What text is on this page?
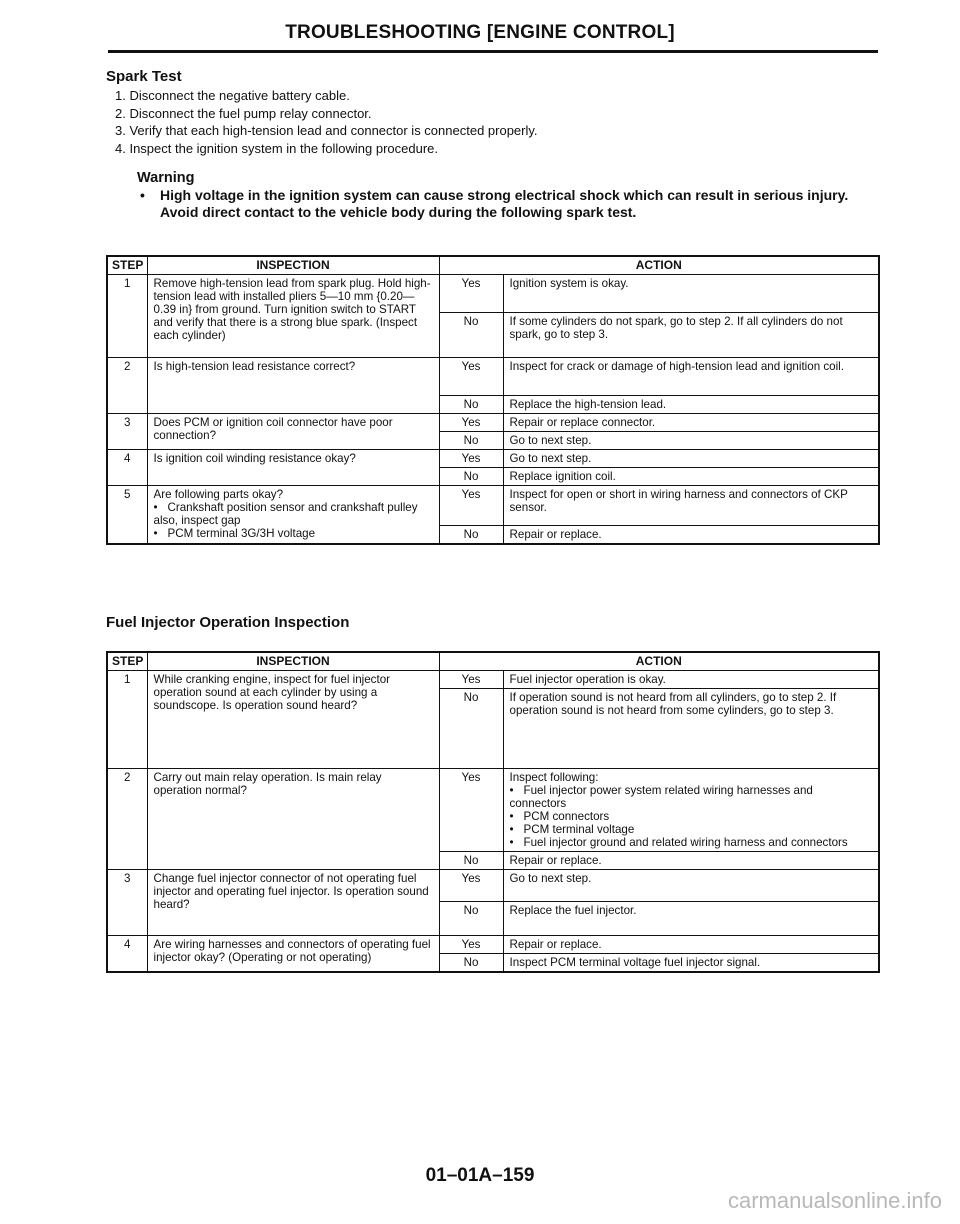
TROUBLESHOOTING [ENGINE CONTROL]
Spark Test
1. Disconnect the negative battery cable.
2. Disconnect the fuel pump relay connector.
3. Verify that each high-tension lead and connector is connected properly.
4. Inspect the ignition system in the following procedure.
Warning
• High voltage in the ignition system can cause strong electrical shock which can result in serious injury. Avoid direct contact to the vehicle body during the following spark test.
STEP	INSPECTION	ACTION	
1	Remove high-tension lead from spark plug. Hold high-tension lead with installed pliers 5—10 mm {0.20—0.39 in} from ground. Turn ignition switch to START and verify that there is a strong blue spark. (Inspect each cylinder)	Yes	Ignition system is okay.
		No	If some cylinders do not spark, go to step 2. If all cylinders do not spark, go to step 3.
2	Is high-tension lead resistance correct?	Yes	Inspect for crack or damage of high-tension lead and ignition coil.
		No	Replace the high-tension lead.
3	Does PCM or ignition coil connector have poor connection?	Yes	Repair or replace connector.
		No	Go to next step.
4	Is ignition coil winding resistance okay?	Yes	Go to next step.
		No	Replace ignition coil.
5	Are following parts okay?
• Crankshaft position sensor and crankshaft pulley also, inspect gap
• PCM terminal 3G/3H voltage	Yes	Inspect for open or short in wiring harness and connectors of CKP sensor.
		No	Repair or replace.
Fuel Injector Operation Inspection
STEP	INSPECTION	ACTION	
1	While cranking engine, inspect for fuel injector operation sound at each cylinder by using a soundscope. Is operation sound heard?	Yes	Fuel injector operation is okay.
		No	If operation sound is not heard from all cylinders, go to step 2. If operation sound is not heard from some cylinders, go to step 3.
2	Carry out main relay operation. Is main relay operation normal?	Yes	Inspect following:
• Fuel injector power system related wiring harnesses and connectors
• PCM connectors
• PCM terminal voltage
• Fuel injector ground and related wiring harness and connectors

		No	Repair or replace.
3	Change fuel injector connector of not operating fuel injector and operating fuel injector. Is operation sound heard?	Yes	Go to next step.
		No	Replace the fuel injector.
4	Are wiring harnesses and connectors of operating fuel injector okay? (Operating or not operating)	Yes	Repair or replace.
		No	Inspect PCM terminal voltage fuel injector signal.
01–01A–159
carmanualsonline.info
